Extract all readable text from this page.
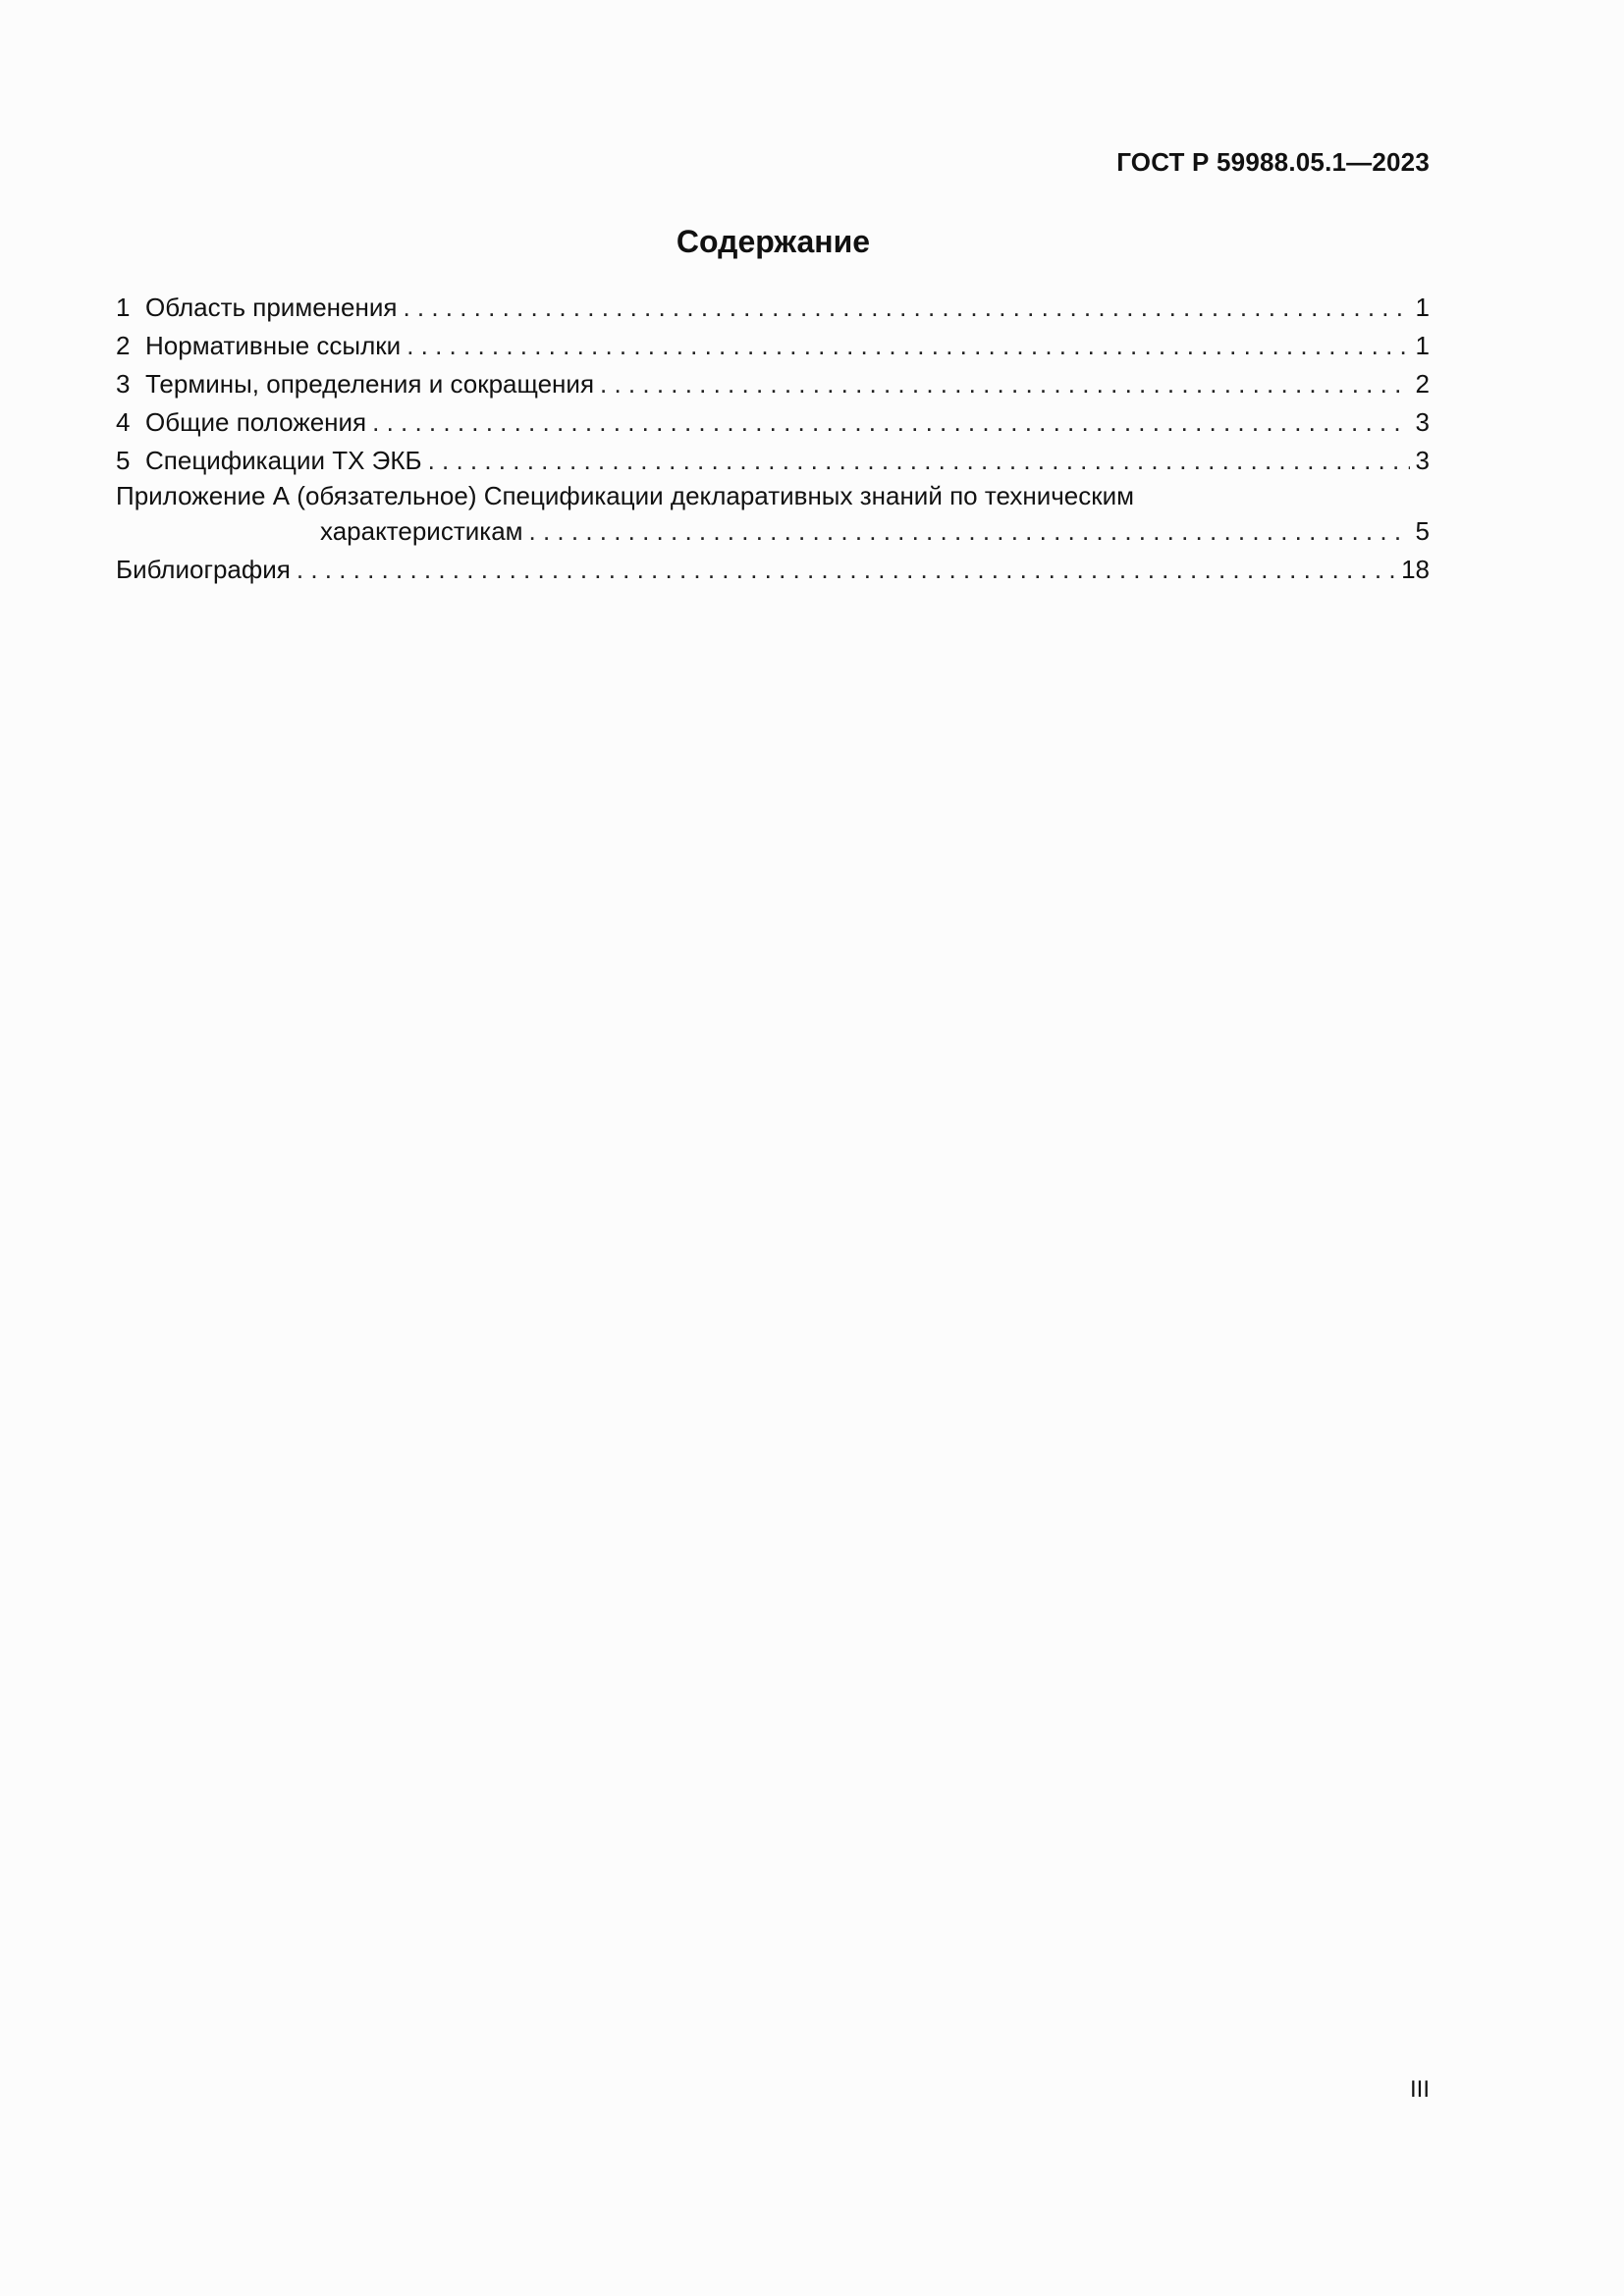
ГОСТ Р 59988.05.1—2023
Содержание
1 Область применения . . .	1
2 Нормативные ссылки . . .	1
3 Термины, определения и сокращения . . .	2
4 Общие положения . . .	3
5 Спецификации ТХ ЭКБ . . .	3
Приложение А (обязательное) Спецификации декларативных знаний по техническим
характеристикам . . .	5
Библиография . . .	18
III
